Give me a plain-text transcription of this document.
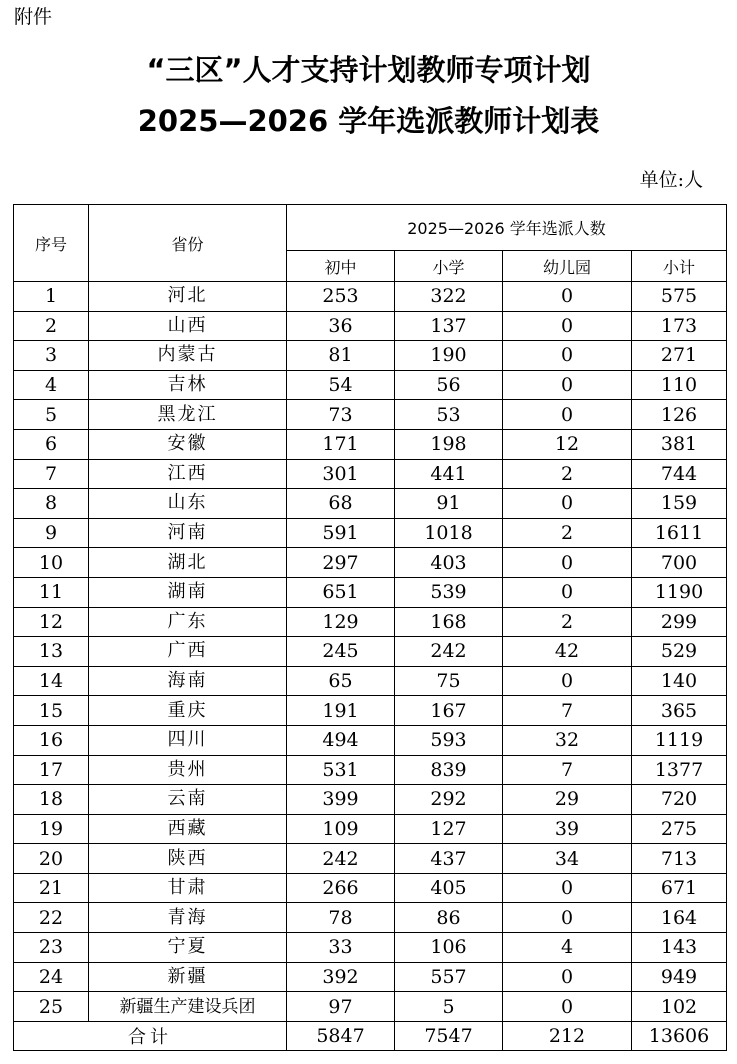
附件
“三区”人才支持计划教师专项计划
2025—2026 学年选派教师计划表
单位:人
序号	省份	2025—2026 学年选派人数			
		初中	小学	幼儿园	小计
1	河北	253	322	0	575
2	山西	36	137	0	173
3	内蒙古	81	190	0	271
4	吉林	54	56	0	110
5	黑龙江	73	53	0	126
6	安徽	171	198	12	381
7	江西	301	441	2	744
8	山东	68	91	0	159
9	河南	591	1018	2	1611
10	湖北	297	403	0	700
11	湖南	651	539	0	1190
12	广东	129	168	2	299
13	广西	245	242	42	529
14	海南	65	75	0	140
15	重庆	191	167	7	365
16	四川	494	593	32	1119
17	贵州	531	839	7	1377
18	云南	399	292	29	720
19	西藏	109	127	39	275
20	陕西	242	437	34	713
21	甘肃	266	405	0	671
22	青海	78	86	0	164
23	宁夏	33	106	4	143
24	新疆	392	557	0	949
25	新疆生产建设兵团	97	5	0	102
合计		5847	7547	212	13606
